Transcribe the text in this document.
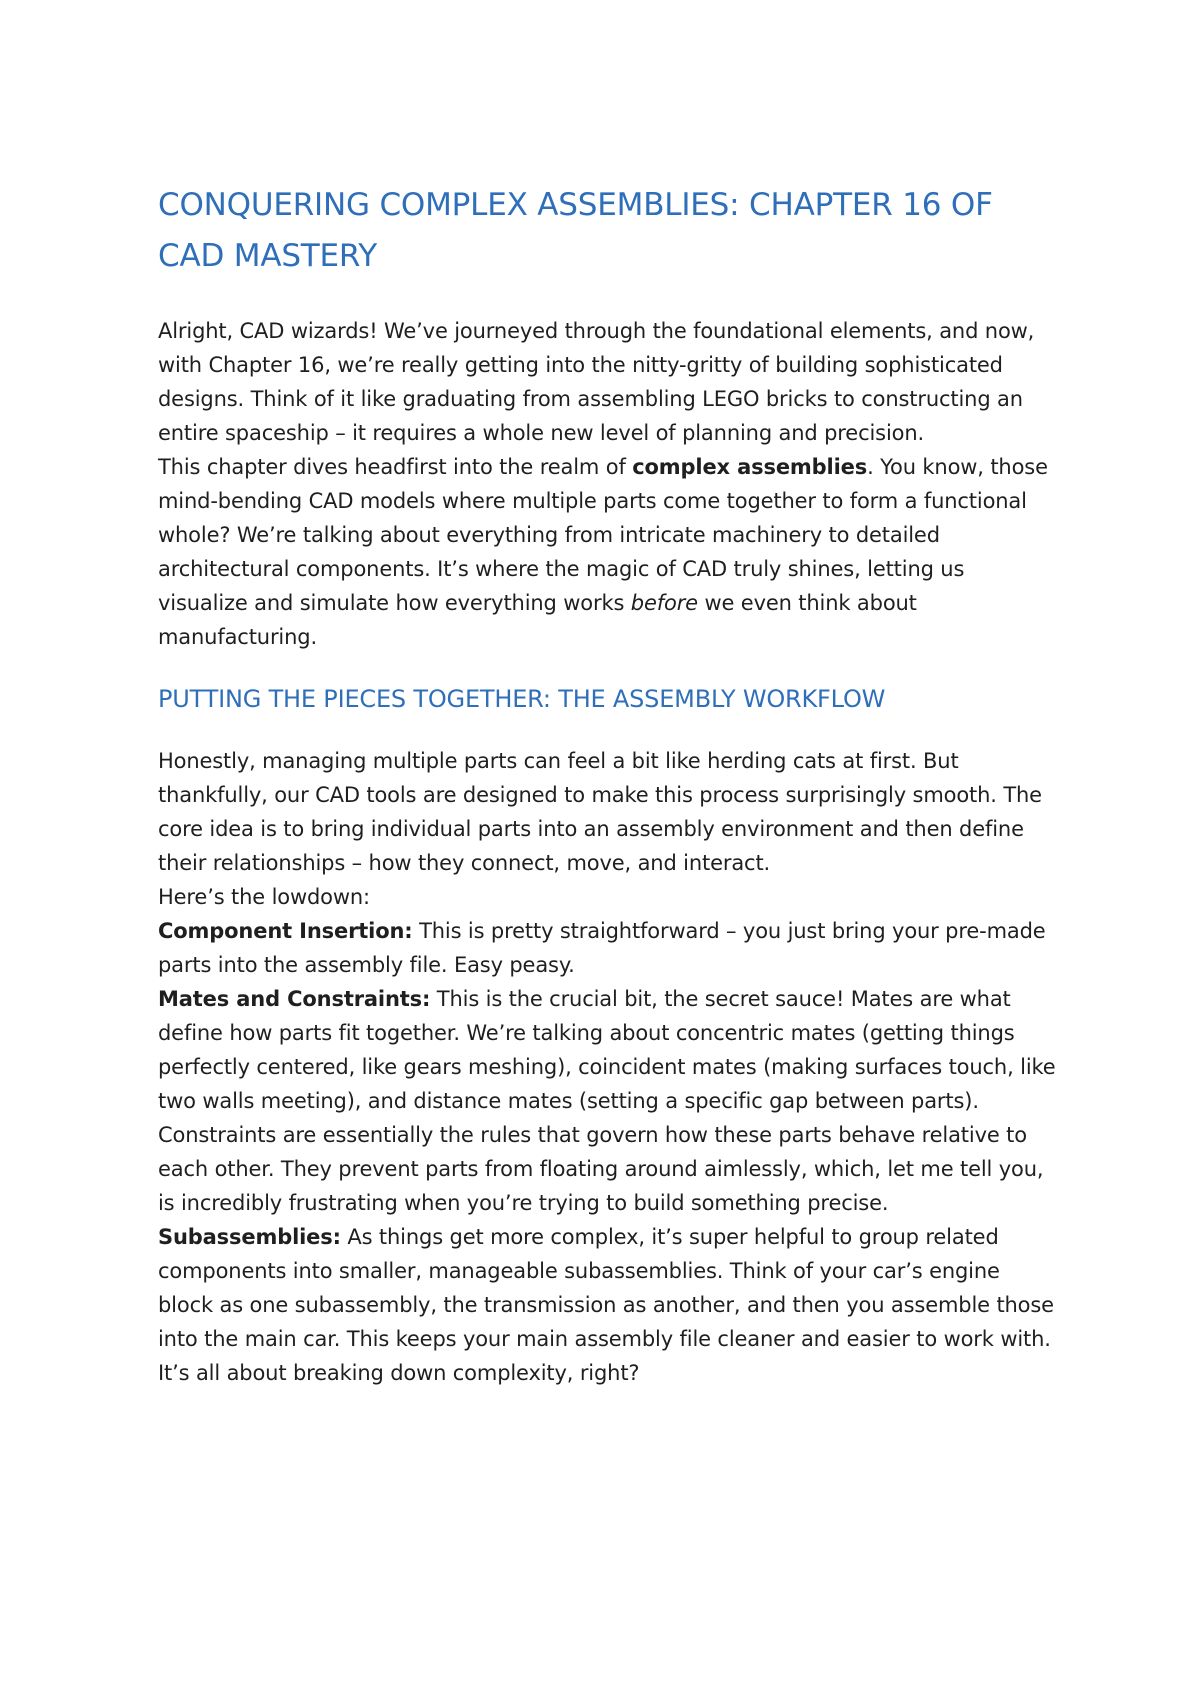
CONQUERING COMPLEX ASSEMBLIES: CHAPTER 16 OF CAD MASTERY

Alright, CAD wizards! We’ve journeyed through the foundational elements, and now, with Chapter 16, we’re really getting into the nitty-gritty of building sophisticated designs. Think of it like graduating from assembling LEGO bricks to constructing an entire spaceship – it requires a whole new level of planning and precision.

This chapter dives headfirst into the realm of complex assemblies. You know, those mind-bending CAD models where multiple parts come together to form a functional whole? We’re talking about everything from intricate machinery to detailed architectural components. It’s where the magic of CAD truly shines, letting us visualize and simulate how everything works before we even think about manufacturing.

PUTTING THE PIECES TOGETHER: THE ASSEMBLY WORKFLOW

Honestly, managing multiple parts can feel a bit like herding cats at first. But thankfully, our CAD tools are designed to make this process surprisingly smooth. The core idea is to bring individual parts into an assembly environment and then define their relationships – how they connect, move, and interact.

Here’s the lowdown:

Component Insertion: This is pretty straightforward – you just bring your pre-made parts into the assembly file. Easy peasy.

Mates and Constraints: This is the crucial bit, the secret sauce! Mates are what define how parts fit together. We’re talking about concentric mates (getting things perfectly centered, like gears meshing), coincident mates (making surfaces touch, like two walls meeting), and distance mates (setting a specific gap between parts). Constraints are essentially the rules that govern how these parts behave relative to each other. They prevent parts from floating around aimlessly, which, let me tell you, is incredibly frustrating when you’re trying to build something precise.

Subassemblies: As things get more complex, it’s super helpful to group related components into smaller, manageable subassemblies. Think of your car’s engine block as one subassembly, the transmission as another, and then you assemble those into the main car. This keeps your main assembly file cleaner and easier to work with. It’s all about breaking down complexity, right?
